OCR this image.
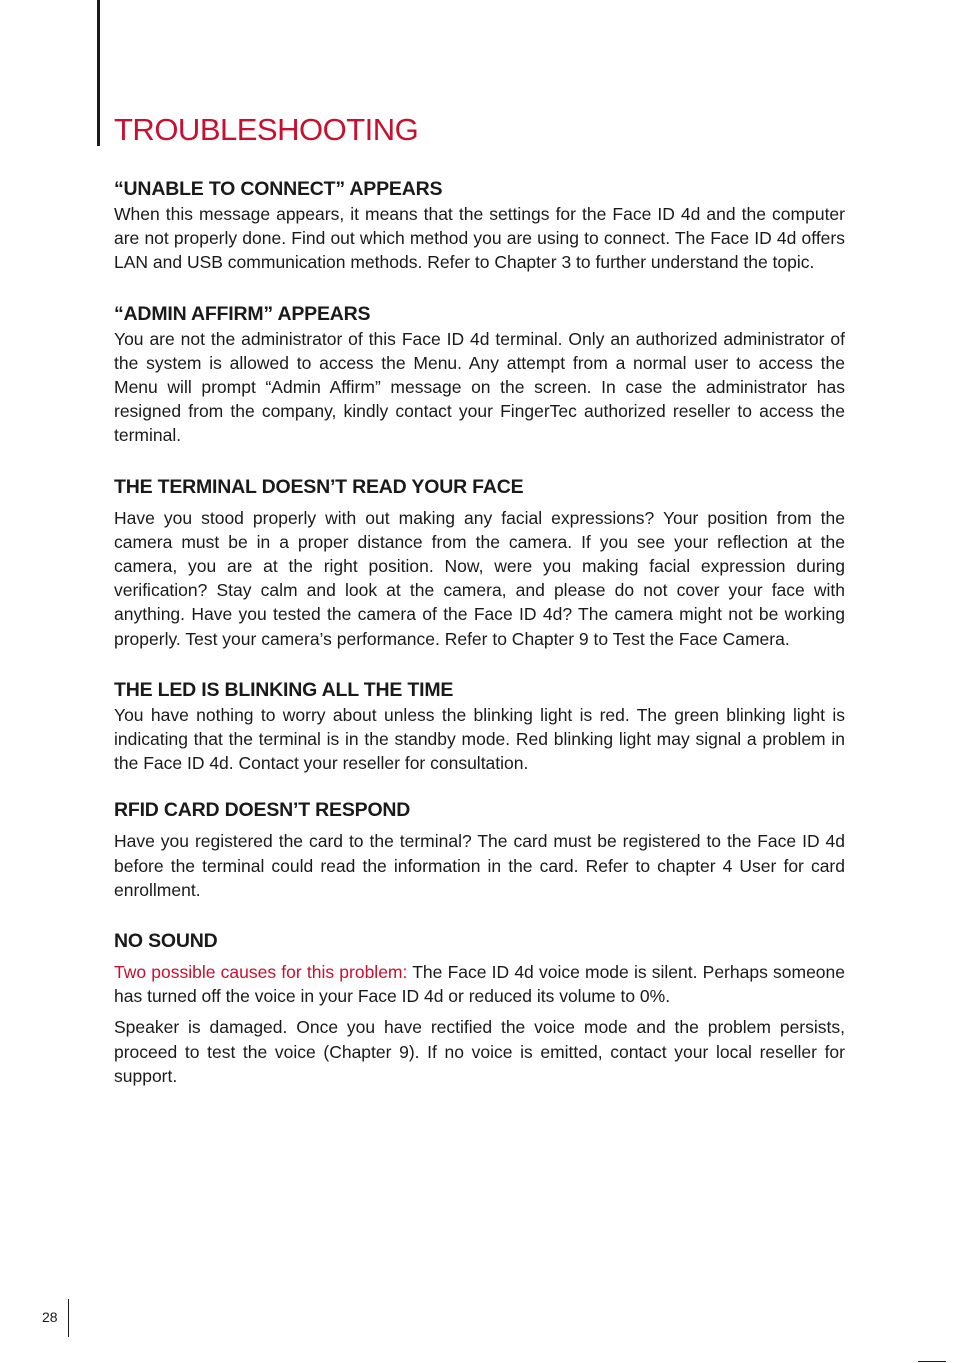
TROUBLESHOOTING
“UNABLE TO CONNECT” APPEARS

When this message appears, it means that the settings for the Face ID 4d and the computer are not properly done. Find out which method you are using to connect. The Face ID 4d offers LAN and USB communication methods. Refer to Chapter 3 to further understand the topic.

“ADMIN AFFIRM” APPEARS

You are not the administrator of this Face ID 4d terminal. Only an authorized administrator of the system is allowed to access the Menu. Any attempt from a normal user to access the Menu will prompt “Admin Affirm” message on the screen. In case the administrator has resigned from the company, kindly contact your FingerTec authorized reseller to access the terminal.

THE TERMINAL DOESN’T READ YOUR FACE

Have you stood properly with out making any facial expressions? Your position from the camera must be in a proper distance from the camera. If you see your reflection at the camera, you are at the right position. Now, were you making facial expression during verification? Stay calm and look at the camera, and please do not cover your face with anything. Have you tested the camera of the Face ID 4d? The camera might not be working properly. Test your camera’s performance. Refer to Chapter 9 to Test the Face Camera.

THE LED IS BLINKING ALL THE TIME

You have nothing to worry about unless the blinking light is red. The green blinking light is indicating that the terminal is in the standby mode. Red blinking light may signal a problem in the Face ID 4d. Contact your reseller for consultation.

RFID CARD DOESN’T RESPOND

Have you registered the card to the terminal? The card must be registered to the Face ID 4d before the terminal could read the information in the card. Refer to chapter 4 User for card enrollment.

NO SOUND

Two possible causes for this problem: The Face ID 4d voice mode is silent. Perhaps someone has turned off the voice in your Face ID 4d or reduced its volume to 0%.

Speaker is damaged. Once you have rectified the voice mode and the problem persists, proceed to test the voice (Chapter 9). If no voice is emitted, contact your local reseller for support.

28
